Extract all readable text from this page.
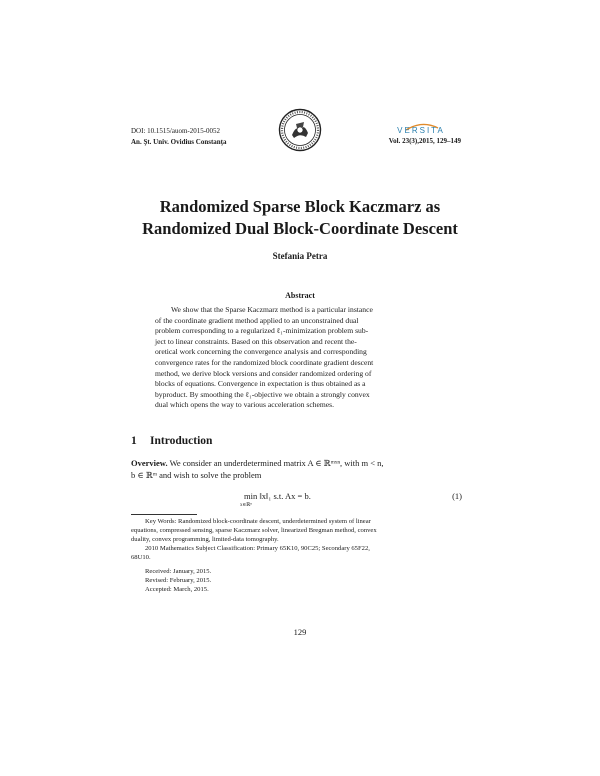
DOI: 10.1515/auom-2015-0052
An. Şt. Univ. Ovidius Constanţa
VERSITA
Vol. 23(3),2015, 129–149
Randomized Sparse Block Kaczmarz as
Randomized Dual Block-Coordinate Descent
Stefania Petra
Abstract
We show that the Sparse Kaczmarz method is a particular instance
of the coordinate gradient method applied to an unconstrained dual
problem corresponding to a regularized ℓ₁-minimization problem sub-
ject to linear constraints. Based on this observation and recent the-
oretical work concerning the convergence analysis and corresponding
convergence rates for the randomized block coordinate gradient descent
method, we derive block versions and consider randomized ordering of
blocks of equations. Convergence in expectation is thus obtained as a
byproduct. By smoothing the ℓ₁-objective we obtain a strongly convex
dual which opens the way to various acceleration schemes.
1 Introduction
Overview. We consider an underdetermined matrix A ∈ ℝᵐˣⁿ, with m < n,
b ∈ ℝᵐ and wish to solve the problem
min ‖x‖₁ s.t. Ax = b.
x∈ℝⁿ
(1)
Key Words: Randomized block-coordinate descent, underdetermined system of linear
equations, compressed sensing, sparse Kaczmarz solver, linearized Bregman method, convex
duality, convex programming, limited-data tomography.
2010 Mathematics Subject Classification: Primary 65K10, 90C25; Secondary 65F22,
68U10.
Received: January, 2015.
Revised: February, 2015.
Accepted: March, 2015.
129
